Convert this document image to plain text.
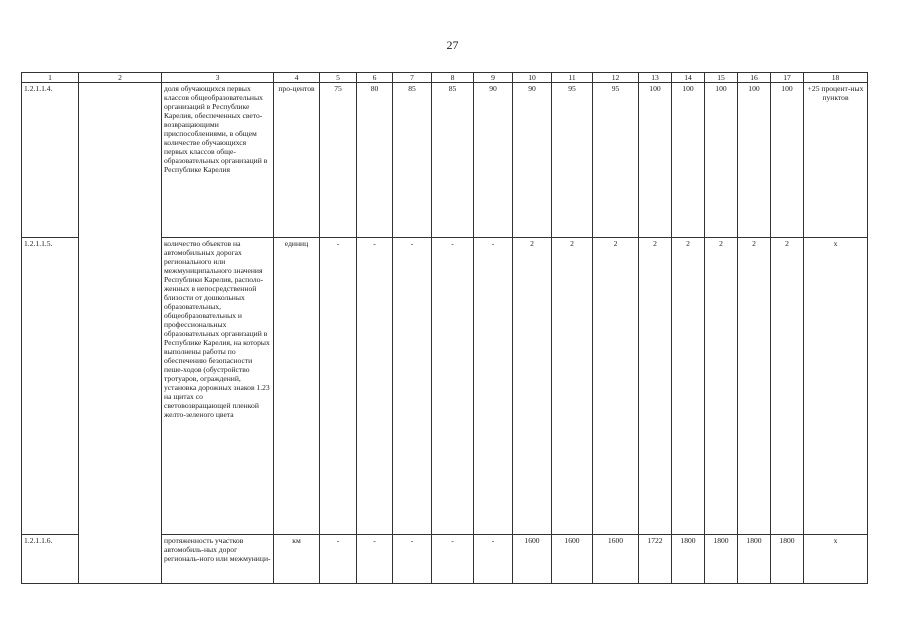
27
1	2	3	4	5	6	7	8	9	10	11	12	13	14	15	16	17	18
1.2.1.1.4.		доля обучающихся первых классов общеобразовательных организаций в Республике Карелия, обеспеченных свето-возвращающими приспособлениями, в общем количестве обучающихся первых классов обще-образовательных организаций в Республике Карелия	про-центов	75	80	85	85	90	90	95	95	100	100	100	100	100	+25 процент-ных пунктов
1.2.1.1.5.		количество объектов на автомобильных дорогах регионального или межмуниципального значения Республики Карелия, располо-женных в непосредственной близости от дошкольных образовательных, общеобразовательных и профессиональных образовательных организаций в Республике Карелия, на которых выполнены работы по обеспечению безопасности пеше-ходов (обустройство тротуаров, ограждений, установка дорожных знаков 1.23 на щитах со световозвращающей пленкой желто-зеленого цвета	единиц	-	-	-	-	-	2	2	2	2	2	2	2	2	x
1.2.1.1.6.		протяженность участков автомобиль-ных дорог региональ-ного или межмуници-	км	-	-	-	-	-	1600	1600	1600	1722	1800	1800	1800	1800	x
